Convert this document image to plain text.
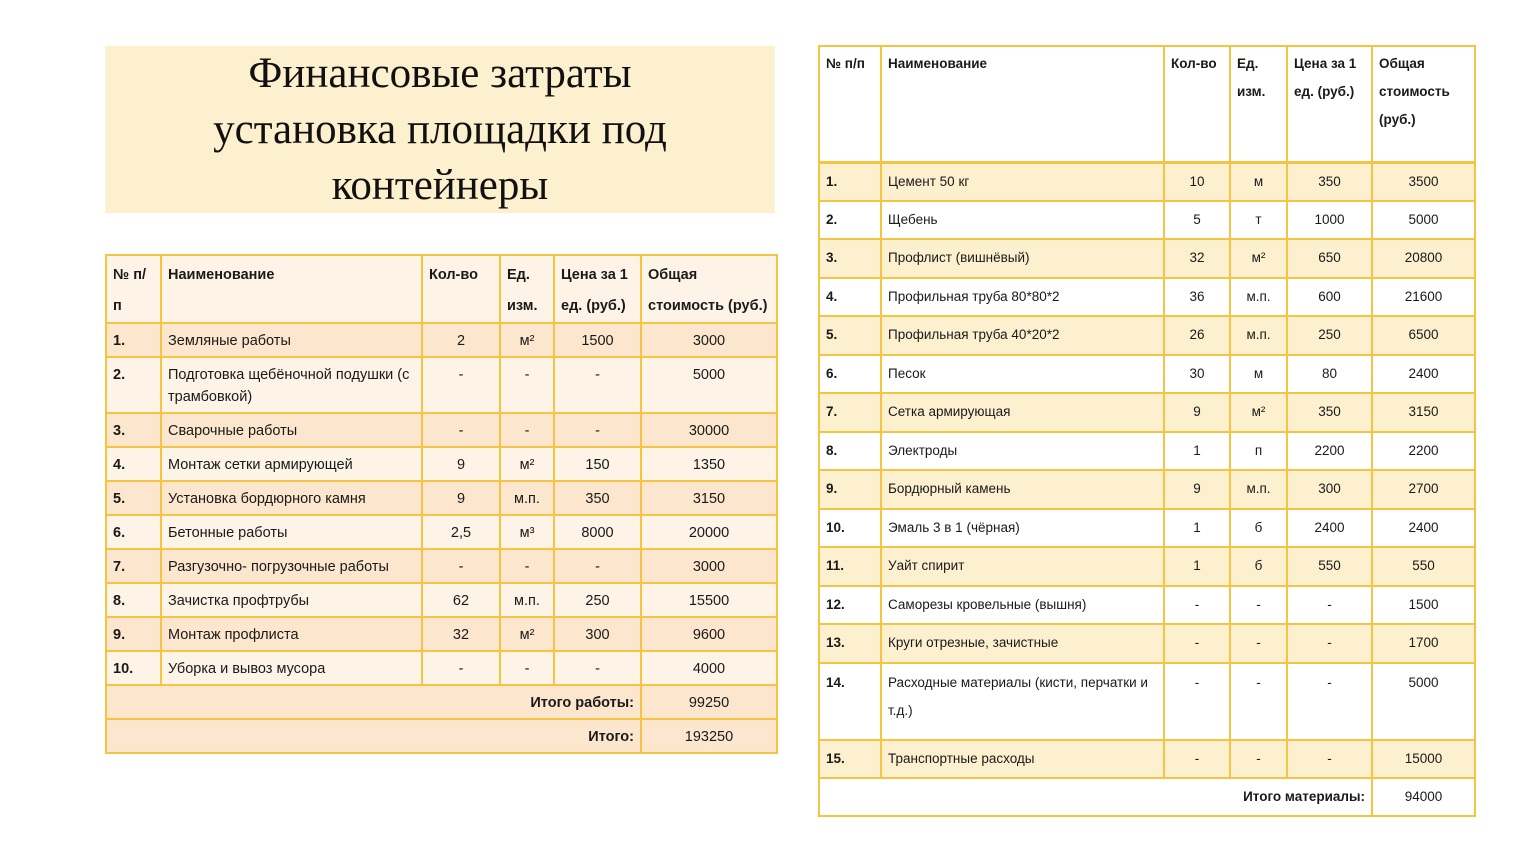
Финансовые затраты
установка площадки под
контейнеры
№ п/п	Наименование	Кол-во	Ед. изм.	Цена за 1 ед. (руб.)	Общая стоимость (руб.)
1.	Земляные работы	2	м²	1500	3000
2.	Подготовка щебёночной подушки (с трамбовкой)	-	-	-	5000
3.	Сварочные работы	-	-	-	30000
4.	Монтаж сетки армирующей	9	м²	150	1350
5.	Установка бордюрного камня	9	м.п.	350	3150
6.	Бетонные работы	2,5	м³	8000	20000
7.	Разгузочно- погрузочные работы	-	-	-	3000
8.	Зачистка профтрубы	62	м.п.	250	15500
9.	Монтаж профлиста	32	м²	300	9600
10.	Уборка и вывоз мусора	-	-	-	4000
Итого работы:					99250
Итого:					193250
№ п/п	Наименование	Кол-во	Ед. изм.	Цена за 1 ед. (руб.)	Общая стоимость (руб.)
1.	Цемент 50 кг	10	м	350	3500
2.	Щебень	5	т	1000	5000
3.	Профлист (вишнёвый)	32	м²	650	20800
4.	Профильная труба 80*80*2	36	м.п.	600	21600
5.	Профильная труба 40*20*2	26	м.п.	250	6500
6.	Песок	30	м	80	2400
7.	Сетка армирующая	9	м²	350	3150
8.	Электроды	1	п	2200	2200
9.	Бордюрный камень	9	м.п.	300	2700
10.	Эмаль 3 в 1 (чёрная)	1	б	2400	2400
11.	Уайт спирит	1	б	550	550
12.	Саморезы кровельные (вышня)	-	-	-	1500
13.	Круги отрезные, зачистные	-	-	-	1700
14.	Расходные материалы (кисти, перчатки и т.д.)	-	-	-	5000
15.	Транспортные расходы	-	-	-	15000
Итого материалы:					94000
